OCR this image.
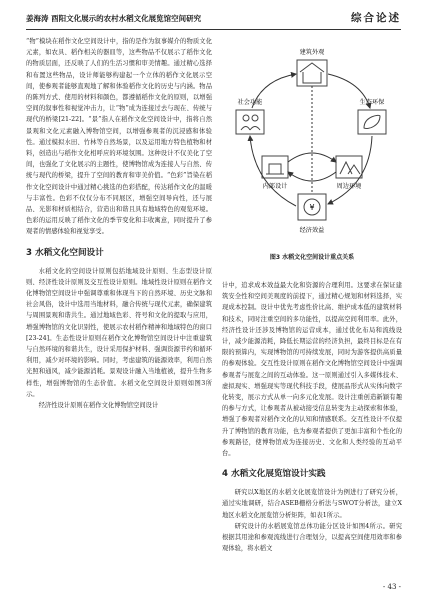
姜海涛 酉阳文化展示的农村水稻文化展览馆空间研究	综合论述

“物”模块在稻作文化空间设计中，指的是作为叙事媒介的物质文化元素，如农具、稻作相关的器皿等，这些物品不仅展示了稻作文化的物质层面，还反映了人们的生活习惯和审美情趣。通过精心选择和布置这些物品，设计师能够构建起一个立体的稻作文化展示空间，使参观者能够直观地了解和体验稻作文化的历史与内涵。物品的陈列方式、使用的材料和颜色，都遵循稻作文化的原则，以增强空间的叙事性和视觉冲击力，让“物”成为连接过去与现在、传统与现代的桥梁[21-22]。“景”指人在稻作文化空间设计中，指将自然景观和文化元素融入博物馆空间，以增强参观者的沉浸感和体验性。通过模拟水田、竹林等自然场景，以及运用地方特色植物和材料，创造出与稻作文化相呼应的环境氛围。这种设计不仅美化了空间，也强化了文化展示的主题性，使博物馆成为连接人与自然、传统与现代的桥梁，提升了空间的教育和审美价值。“色彩”旨染在稻作文化空间设计中通过精心挑选的色彩搭配，传达稻作文化的温暖与丰富性。色彩不仅仅分布不同展区，增强空间导向性，还与展品、光影和材质相结合，营造出和谐且具有地域特色的观览环境。色彩的运用反映了稻作文化的季节变化和丰收寓意，同时提升了参观者的情感体验和视觉享受。

3 水稻文化空间设计

水稻文化的空间设计原则包括地域设计原则、生态型设计原则、经济性设计原则及交互性设计原则。地域性设计原则在稻作文化博物馆空间设计中强调尊重和体现当下的自然环境、历史文脉和社会风俗，设计中选用当地材料，融合传统与现代元素，确保建筑与周围景观和谐共生。通过地域色彩、符号和文化的提取与应用，增强博物馆的文化识别性，使展示农村稻作精神和地域特色的窗口[23-24]。生态性设计原则在稻作文化博物馆空间设计中注重建筑与自然环境的和谐共生，设计采用保护材料、强调资源节约和循环利用，减少对环境的影响。同时，考虑建筑的能源效率，利用自然光照和通风，减少能源消耗。景观设计融入当地植被，提升生物多样性，增强博物馆的生态价值。水稻文化空间设计原则如图3所示。

经济性设计原则在稻作文化博物馆空间设计

建筑外观
生态环保
社会功能
¥
经济效益
内部设计	周边环境
图3 水稻文化空间设计重点关系

计中，追求成本效益最大化和资源的合理利用。这要求在保证建筑安全性和空间美观度的前提下，通过精心规划和材料选择，实现成本控制。设计中优先考虑性价比高、维护成本低的建筑材料和技术，同时注重空间的多功能性，以提高空间利用率。此外，经济性设计还涉及博物馆的运营成本，通过优化布局和流线设计，减少能源消耗，降低长期运营的经济负担，最终目标是在有限的预算内，实现博物馆的可持续发展，同时为游客提供高质量的参观体验。交互性设计原则在稻作文化博物馆空间设计中强调参观者与展览之间的互动体验。这一原则通过引入多媒体技术、虚拟现实、增强现实等现代科技手段，使展品形式从实体向数字化转变，展示方式从单一向多元化发展。设计注重创造新颖有趣的参与方式，让参观者从被动接受信息转变为主动探索和体验，增强了参观者对稻作文化的认知和情感联系。交互性设计不仅提升了博物馆的教育功能，也为参观者提供了更加丰富和个性化的参观路径，使博物馆成为连接历史、文化和人类经验的互动平台。

4 水稻文化展览馆设计实践

研究以X地区的水稻文化展览馆设计为例进行了研究分析，通过实地调研，结合ASEB栅格分析法与SWOT分析法，建立X地区水稻文化展览馆分析矩阵，如表1所示。

研究设计的水稻展览馆总体功能分区设计如图4所示。研究根据其用途和参观流线进行合理划分，以提高空间使用效率和参观体验，将水稻文

- 43 -
